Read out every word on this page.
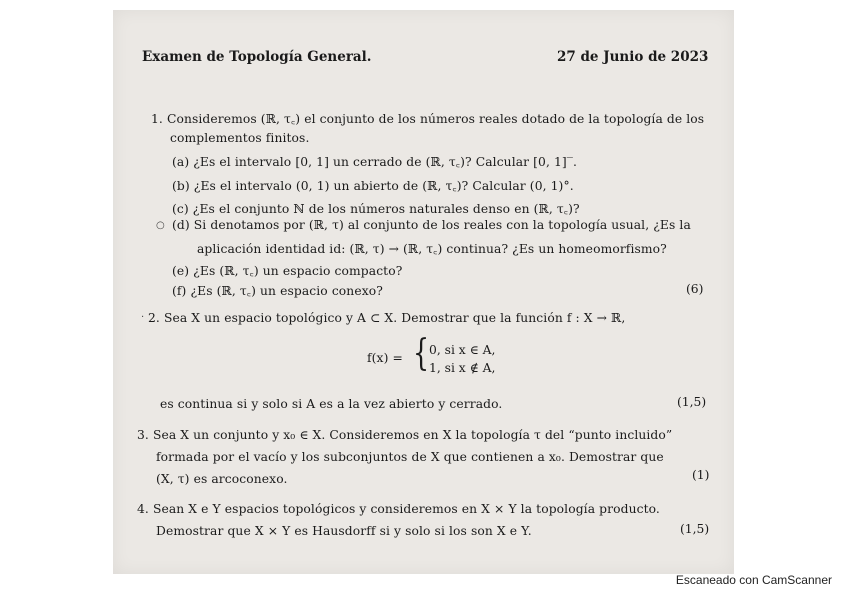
Examen de Topología General.	27 de Junio de 2023
1. Consideremos (ℝ, τ꜀) el conjunto de los números reales dotado de la topología de los
complementos finitos.
(a) ¿Es el intervalo [0, 1] un cerrado de (ℝ, τ꜀)? Calcular [0, 1]‾.
(b) ¿Es el intervalo (0, 1) un abierto de (ℝ, τ꜀)? Calcular (0, 1)°.
(c) ¿Es el conjunto ℕ de los números naturales denso en (ℝ, τ꜀)?
○ (d) Si denotamos por (ℝ, τ) al conjunto de los reales con la topología usual, ¿Es la
aplicación identidad id: (ℝ, τ) → (ℝ, τ꜀) continua? ¿Es un homeomorfismo?
(e) ¿Es (ℝ, τ꜀) un espacio compacto?
(f) ¿Es (ℝ, τ꜀) un espacio conexo?	(6)
· 2. Sea X un espacio topológico y A ⊂ X. Demostrar que la función f : X → ℝ,
f(x) = { 0, si x ∈ A,
1, si x ∉ A,
es continua si y solo si A es a la vez abierto y cerrado.	(1,5)
3. Sea X un conjunto y x₀ ∈ X. Consideremos en X la topología τ del “punto incluido”
formada por el vacío y los subconjuntos de X que contienen a x₀. Demostrar que
(X, τ) es arcoconexo.	(1)
4. Sean X e Y espacios topológicos y consideremos en X × Y la topología producto.
Demostrar que X × Y es Hausdorff si y solo si los son X e Y.	(1,5)
Escaneado con CamScanner
